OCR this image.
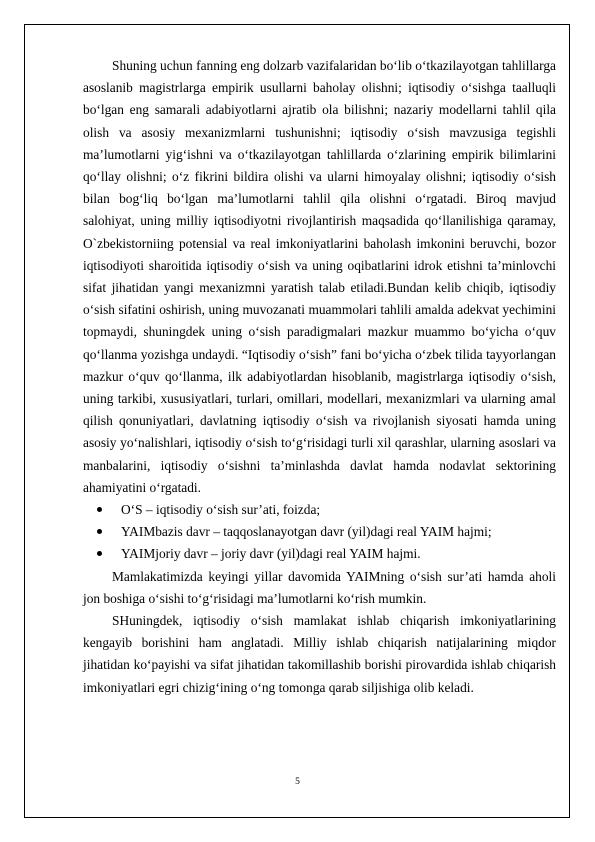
Shuning uchun fanning eng dolzarb vazifalaridan bo‘lib o‘tkazilayotgan tahlillarga asoslanib magistrlarga empirik usullarni baholay olishni; iqtisodiy o‘sishga taalluqli bo‘lgan eng samarali adabiyotlarni ajratib ola bilishni; nazariy modellarni tahlil qila olish va asosiy mexanizmlarni tushunishni; iqtisodiy o‘sish mavzusiga tegishli ma’lumotlarni yig‘ishni va o‘tkazilayotgan tahlillarda o‘zlarining empirik bilimlarini qo‘llay olishni; o‘z fikrini bildira olishi va ularni himoyalay olishni; iqtisodiy o‘sish bilan bog‘liq bo‘lgan ma’lumotlarni tahlil qila olishni o‘rgatadi. Biroq mavjud salohiyat, uning milliy iqtisodiyotni rivojlantirish maqsadida qo‘llanilishiga qaramay, O`zbekistorniing potensial va real imkoniyatlarini baholash imkonini beruvchi, bozor iqtisodiyoti sharoitida iqtisodiy o‘sish va uning oqibatlarini idrok etishni ta’minlovchi sifat jihatidan yangi mexanizmni yaratish talab etiladi.Bundan kelib chiqib, iqtisodiy o‘sish sifatini oshirish, uning muvozanati muammolari tahlili amalda adekvat yechimini topmaydi, shuningdek uning o‘sish paradigmalari mazkur muammo bo‘yicha o‘quv qo‘llanma yozishga undaydi. “Iqtisodiy o‘sish” fani bo‘yicha o‘zbek tilida tayyorlangan mazkur o‘quv qo‘llanma, ilk adabiyotlardan hisoblanib, magistrlarga iqtisodiy o‘sish, uning tarkibi, xususiyatlari, turlari, omillari, modellari, mexanizmlari va ularning amal qilish qonuniyatlari, davlatning iqtisodiy o‘sish va rivojlanish siyosati hamda uning asosiy yo‘nalishlari, iqtisodiy o‘sish to‘g‘risidagi turli xil qarashlar, ularning asoslari va manbalarini, iqtisodiy o‘sishni ta’minlashda davlat hamda nodavlat sektorining ahamiyatini o‘rgatadi.

O‘S – iqtisodiy o‘sish sur’ati, foizda;
YAIMbazis davr – taqqoslanayotgan davr (yil)dagi real YAIM hajmi;
YAIMjoriy davr – joriy davr (yil)dagi real YAIM hajmi.

Mamlakatimizda keyingi yillar davomida YAIMning o‘sish sur’ati hamda aholi jon boshiga o‘sishi to‘g‘risidagi ma’lumotlarni ko‘rish mumkin.

SHuningdek, iqtisodiy o‘sish mamlakat ishlab chiqarish imkoniyatlarining kengayib borishini ham anglatadi. Milliy ishlab chiqarish natijalarining miqdor jihatidan ko‘payishi va sifat jihatidan takomillashib borishi pirovardida ishlab chiqarish imkoniyatlari egri chizig‘ining o‘ng tomonga qarab siljishiga olib keladi.

5
